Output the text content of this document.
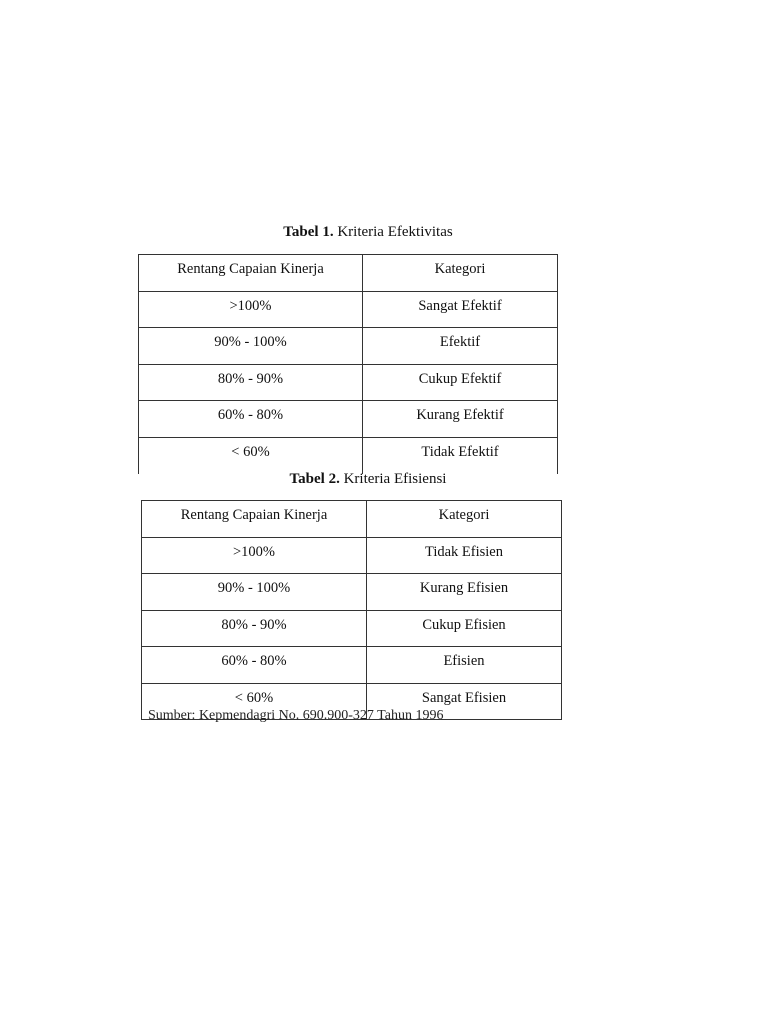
Tabel 1. Kriteria Efektivitas
Rentang Capaian Kinerja	Kategori
>100%	Sangat Efektif
90% - 100%	Efektif
80% - 90%	Cukup Efektif
60% - 80%	Kurang Efektif
< 60%	Tidak Efektif
Tabel 2. Kriteria Efisiensi
Rentang Capaian Kinerja	Kategori
>100%	Tidak Efisien
90% - 100%	Kurang Efisien
80% - 90%	Cukup Efisien
60% - 80%	Efisien
< 60%	Sangat Efisien
Sumber: Kepmendagri No. 690.900-327 Tahun 1996
